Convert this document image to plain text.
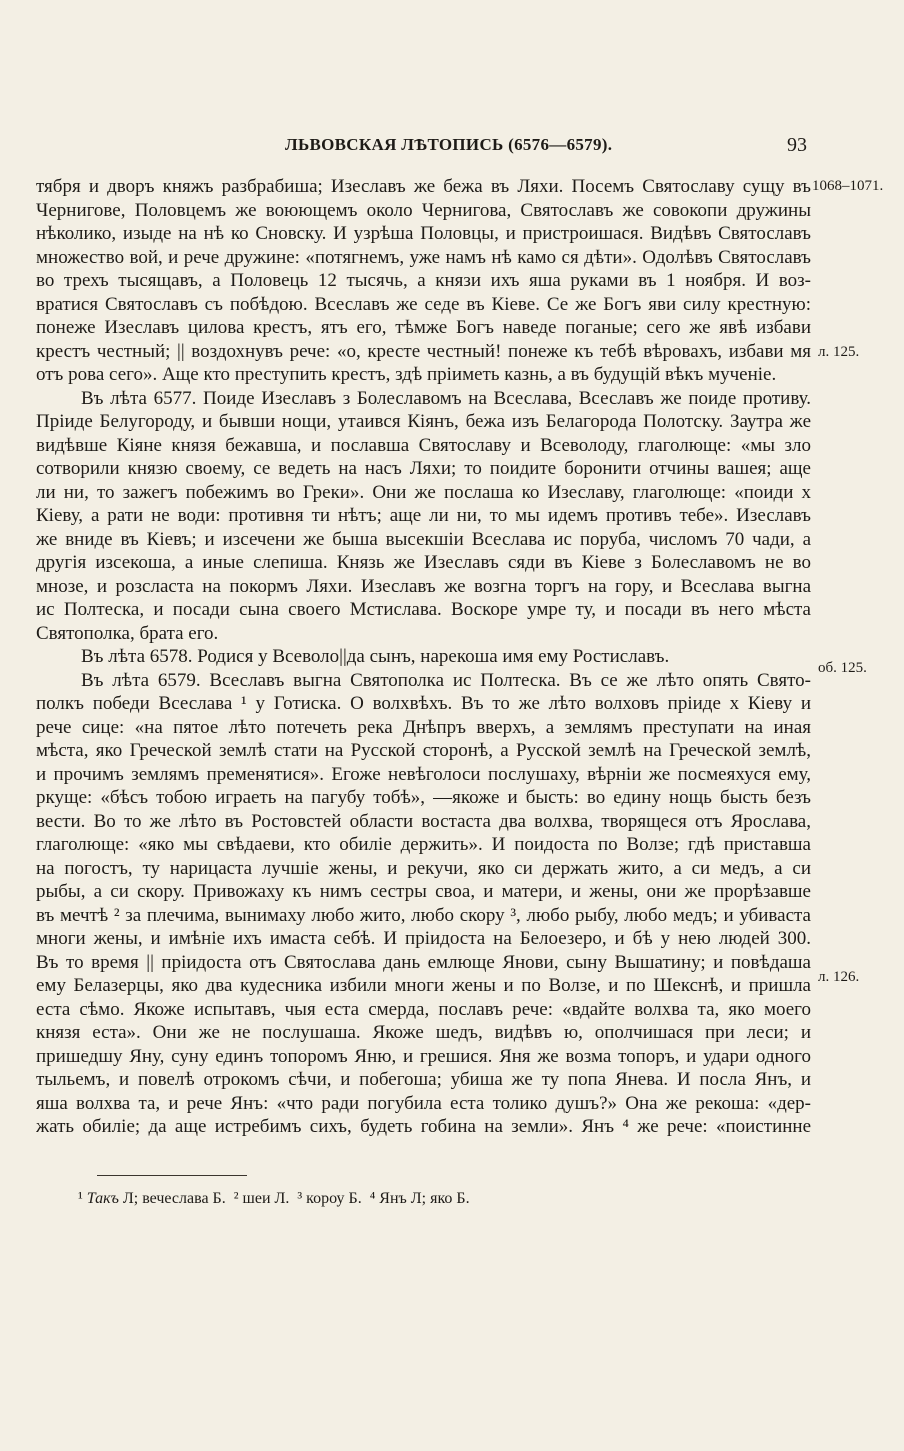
ЛЬВОВСКАЯ ЛѢТОПИСЬ (6576—6579).	93
тября и дворъ княжъ разбрабиша; Изеславъ же бежа въ Ляхи. Посемъ Святославу сущу въ
Чернигове, Половцемъ же воюющемъ около Чернигова, Святославъ же совокопи дружины
нѣколико, изыде на нѣ ко Сновску. И узрѣша Половцы, и пристроишася. Видѣвъ Святославъ
множество вой, и рече дружине: «потягнемъ, уже намъ нѣ камо ся дѣти». Одолѣвъ Святославъ
во трехъ тысящавъ, а Половець 12 тысячь, а князи ихъ яша руками въ 1 ноября. И воз-
вратися Святославъ съ побѣдою. Всеславъ же седе въ Кіеве. Се же Богъ яви силу крестную:
понеже Изеславъ цилова крестъ, ятъ его, тѣмже Богъ наведе поганые; сего же явѣ избави
крестъ честный; || воздохнувъ рече: «о, кресте честный! понеже къ тебѣ вѣровахъ, избави мя
отъ рова сего». Аще кто преступить крестъ, здѣ пріиметь казнь, а въ будущій вѣкъ мученіе.
Въ лѣта 6577. Поиде Изеславъ з Болеславомъ на Всеслава, Всеславъ же поиде противу.
Пріиде Белугороду, и бывши нощи, утаився Кіянъ, бежа изъ Белагорода Полотску. Заутра же
видѣвше Кіяне князя бежавша, и пославша Святославу и Всеволоду, глаголюще: «мы зло
сотворили князю своему, се ведеть на насъ Ляхи; то поидите боронити отчины вашея; аще
ли ни, то зажегъ побежимъ во Греки». Они же послаша ко Изеславу, глаголюще: «поиди х
Кіеву, а рати не води: противня ти нѣтъ; аще ли ни, то мы идемъ противъ тебе». Изеславъ
же вниде въ Кіевъ; и изсечени же быша высекшіи Всеслава ис поруба, числомъ 70 чади, а
другія изсекоша, а иные слепиша. Князь же Изеславъ сяди въ Кіеве з Болеславомъ не во
мнозе, и розсласта на покормъ Ляхи. Изеславъ же возгна торгъ на гору, и Всеслава выгна
ис Полтеска, и посади сына своего Мстислава. Воскоре умре ту, и посади въ него мѣста
Святополка, брата его.
Въ лѣта 6578. Родися у Всеволо||да сынъ, нарекоша имя ему Ростиславъ.
Въ лѣта 6579. Всеславъ выгна Святополка ис Полтеска. Въ се же лѣто опять Свято-
полкъ победи Всеслава ¹ у Готиска. О волхвѣхъ. Въ то же лѣто волховъ пріиде х Кіеву и
рече сице: «на пятое лѣто потечеть река Днѣпръ вверхъ, а землямъ преступати на иная
мѣста, яко Греческой землѣ стати на Русской сторонѣ, а Русской землѣ на Греческой землѣ,
и прочимъ землямъ пременятися». Егоже невѣголоси послушаху, вѣрніи же посмеяхуся ему,
ркуще: «бѣсъ тобою играеть на пагубу тобѣ», —якоже и бысть: во едину нощь бысть безъ
вести. Во то же лѣто въ Ростовстей области востаста два волхва, творящеся отъ Ярослава,
глаголюще: «яко мы свѣдаеви, кто обиліе держить». И поидоста по Волзе; гдѣ приставша
на погостъ, ту нарицаста лучшіе жены, и рекучи, яко си держать жито, а си медъ, а си
рыбы, а си скору. Привожаху къ нимъ сестры своа, и матери, и жены, они же прорѣзавше
въ мечтѣ ² за плечима, вынимаху любо жито, любо скору ³, любо рыбу, любо медъ; и убиваста
многи жены, и имѣніе ихъ имаста себѣ. И пріидоста на Белоезеро, и бѣ у нею людей 300.
Въ то время || пріидоста отъ Святослава дань емлюще Янови, сыну Вышатину; и повѣдаша
ему Белазерцы, яко два кудесника избили многи жены и по Волзе, и по Шекснѣ, и пришла
еста сѣмо. Якоже испытавъ, чыя еста смерда, пославъ рече: «вдайте волхва та, яко моего
князя еста». Они же не послушаша. Якоже шедъ, видѣвъ ю, ополчишася при леси; и
пришедшу Яну, суну единъ топоромъ Яню, и грешися. Яня же возма топоръ, и удари одного
тыльемъ, и повелѣ отрокомъ сѣчи, и побегоша; убиша же ту попа Янева. И посла Янъ, и
яша волхва та, и рече Янъ: «что ради погубила еста толико душъ?» Она же рекоша: «дер-
жать обиліе; да аще истребимъ сихъ, будеть гобина на земли». Янъ ⁴ же рече: «поистинне
1068–1071.
л. 125.
об. 125.
л. 126.
¹ Такъ Л; вечеслава Б. ² шеи Л. ³ короу Б. ⁴ Янъ Л; яко Б.
